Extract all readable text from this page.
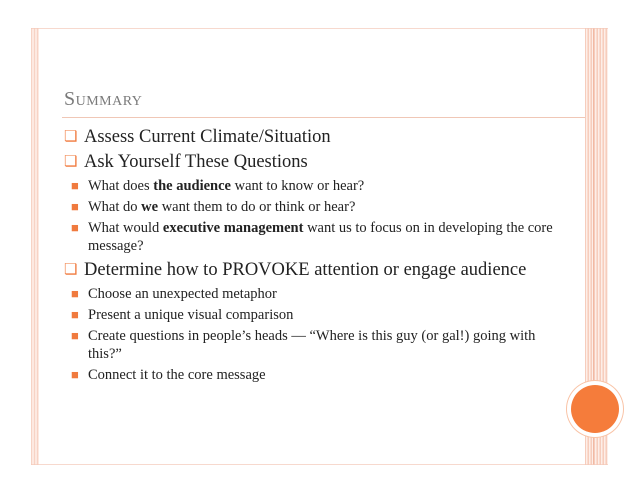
Summary
❏ Assess Current Climate/Situation
❏ Ask Yourself These Questions
■ What does the audience want to know or hear?
■ What do we want them to do or think or hear?
■ What would executive management want us to focus on in developing the core message?
❏ Determine how to PROVOKE attention or engage audience
■ Choose an unexpected metaphor
■ Present a unique visual comparison
■ Create questions in people’s heads — “Where is this guy (or gal!) going with this?”
■ Connect it to the core message
